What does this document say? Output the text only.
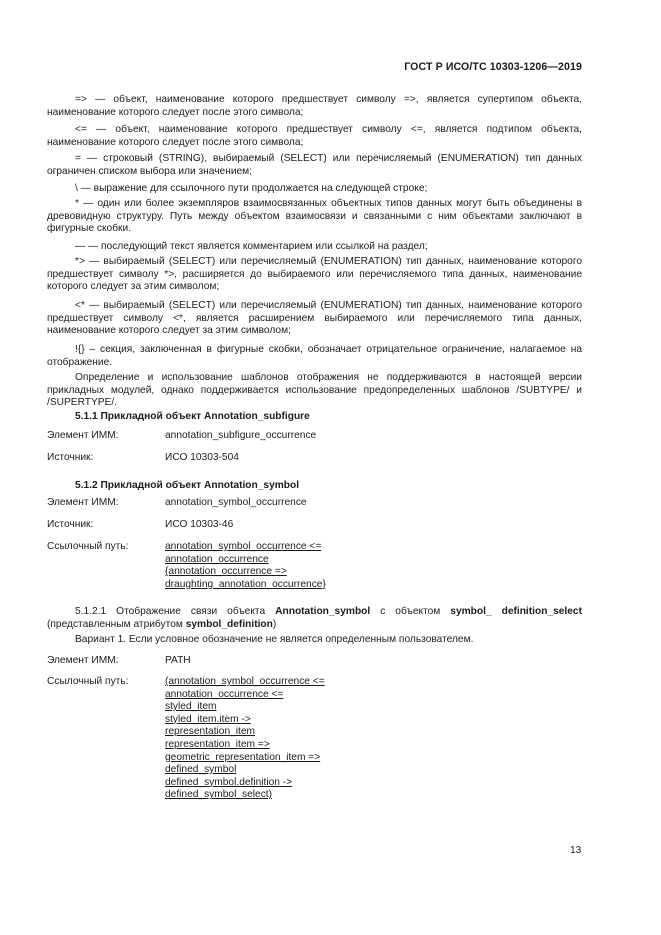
ГОСТ Р ИСО/ТС 10303-1206—2019
=> — объект, наименование которого предшествует символу =>, является супертипом объекта, наименование которого следует после этого символа;
<= — объект, наименование которого предшествует символу <=, является подтипом объекта, наименование которого следует после этого символа;
= — строковый (STRING), выбираемый (SELECT) или перечисляемый (ENUMERATION) тип данных ограничен списком выбора или значением;
\ — выражение для ссылочного пути продолжается на следующей строке;
* — один или более экземпляров взаимосвязанных объектных типов данных могут быть объединены в древовидную структуру. Путь между объектом взаимосвязи и связанными с ним объектами заключают в фигурные скобки.
— — последующий текст является комментарием или ссылкой на раздел;
*> — выбираемый (SELECT) или перечисляемый (ENUMERATION) тип данных, наименование которого предшествует символу *>, расширяется до выбираемого или перечисляемого типа данных, наименование которого следует за этим символом;
<* — выбираемый (SELECT) или перечисляемый (ENUMERATION) тип данных, наименование которого предшествует символу <*, является расширением выбираемого или перечисляемого типа данных, наименование которого следует за этим символом;
!{} – секция, заключенная в фигурные скобки, обозначает отрицательное ограничение, налагаемое на отображение.
Определение и использование шаблонов отображения не поддерживаются в настоящей версии прикладных модулей, однако поддерживается использование предопределенных шаблонов /SUBTYPE/ и /SUPERTYPE/.
5.1.1 Прикладной объект Annotation_subfigure
Элемент ИММ:	annotation_subfigure_occurrence
Источник:	ИСО 10303-504
5.1.2 Прикладной объект Annotation_symbol
Элемент ИММ:	annotation_symbol_occurrence
Источник:	ИСО 10303-46
Ссылочный путь:	annotation_symbol_occurrence <=
annotation_occurrence
{annotation_occurrence =>
draughting_annotation_occurrence}
5.1.2.1 Отображение связи объекта Annotation_symbol с объектом symbol_ definition_select (представленным атрибутом symbol_definition)
Вариант 1. Если условное обозначение не является определенным пользователем.
Элемент ИММ:	PATH
Ссылочный путь:	(annotation_symbol_occurrence <=
annotation_occurrence <=
styled_item
styled_item.item ->
representation_item
representation_item =>
geometric_representation_item =>
defined_symbol
defined_symbol.definition ->
defined_symbol_select)
13
